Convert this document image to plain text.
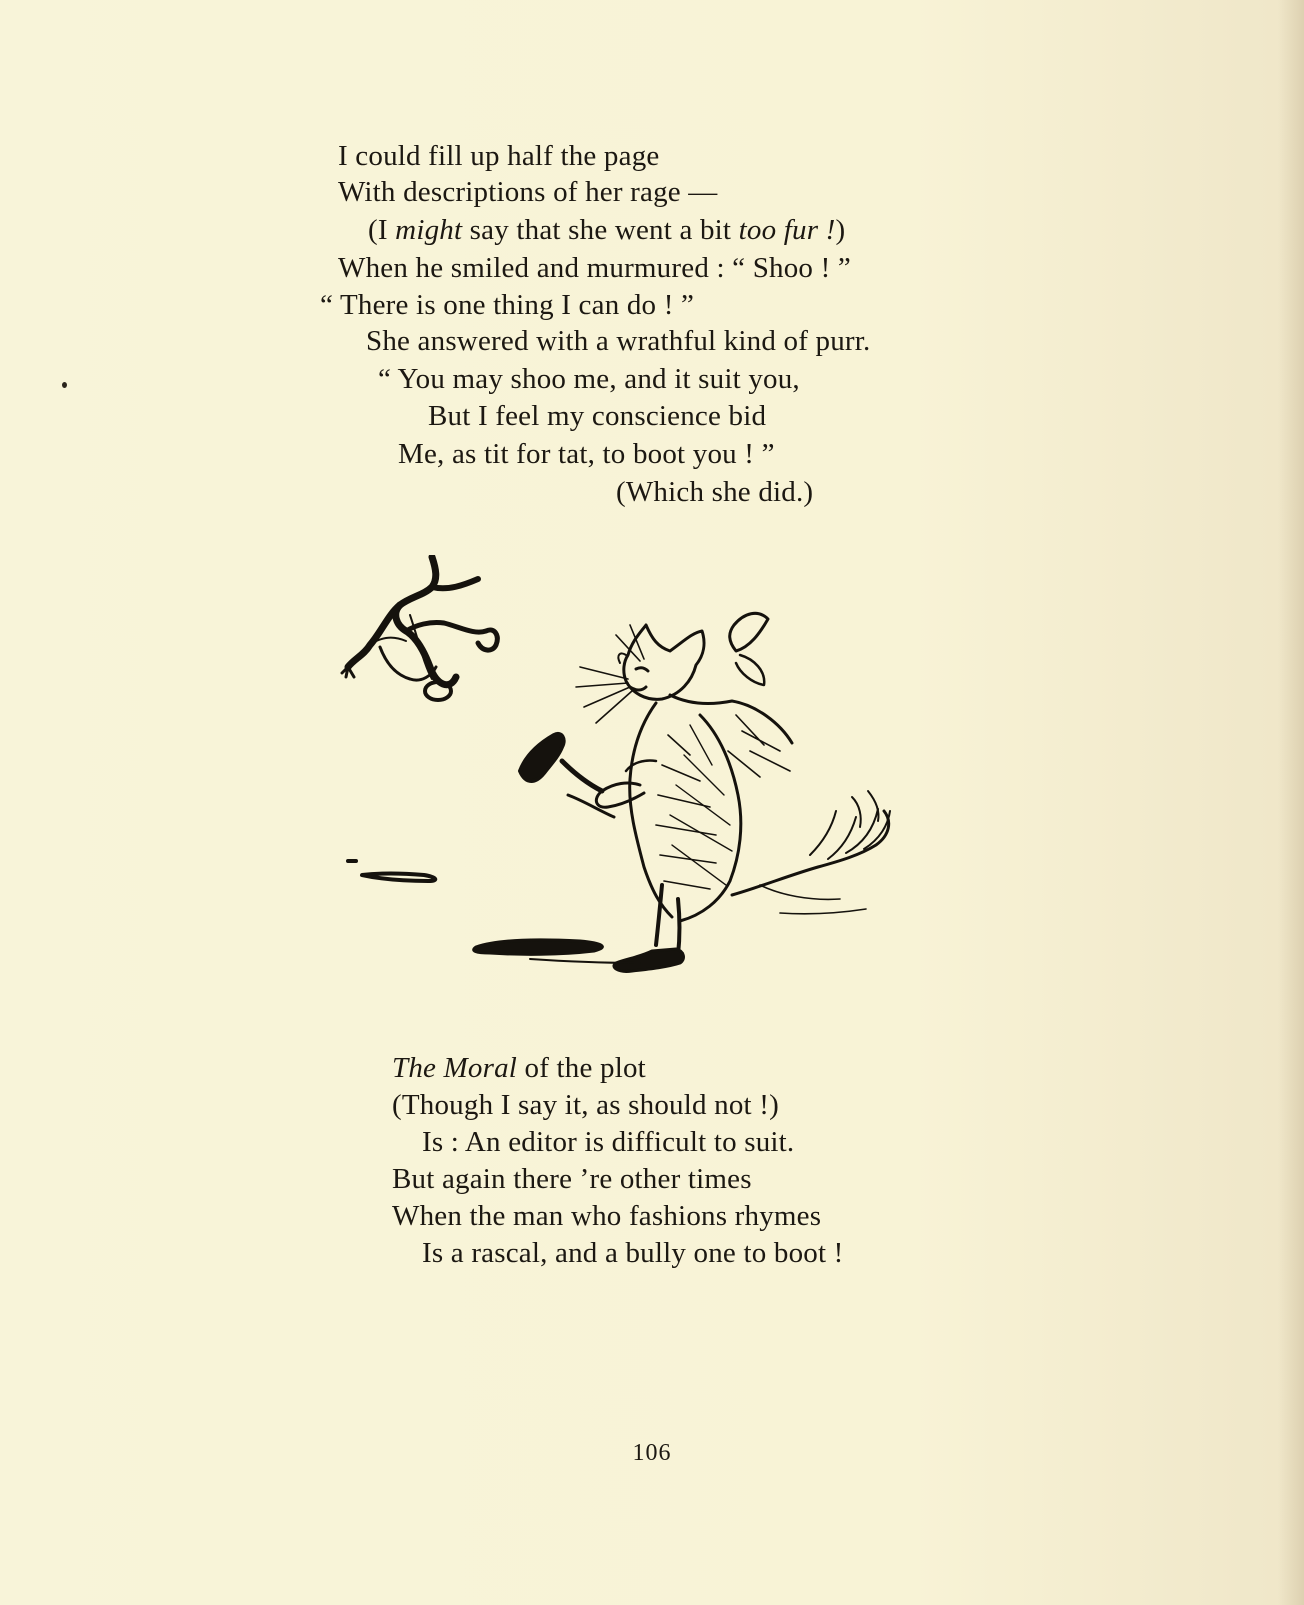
I could fill up half the page
With descriptions of her rage —
(I might say that she went a bit too fur !)
When he smiled and murmured : “ Shoo ! ”
“ There is one thing I can do ! ”
She answered with a wrathful kind of purr.
“ You may shoo me, and it suit you,
But I feel my conscience bid
Me, as tit for tat, to boot you ! ”
(Which she did.)
The Moral of the plot
(Though I say it, as should not !)
Is : An editor is difficult to suit.
But again there ’re other times
When the man who fashions rhymes
Is a rascal, and a bully one to boot !
106
